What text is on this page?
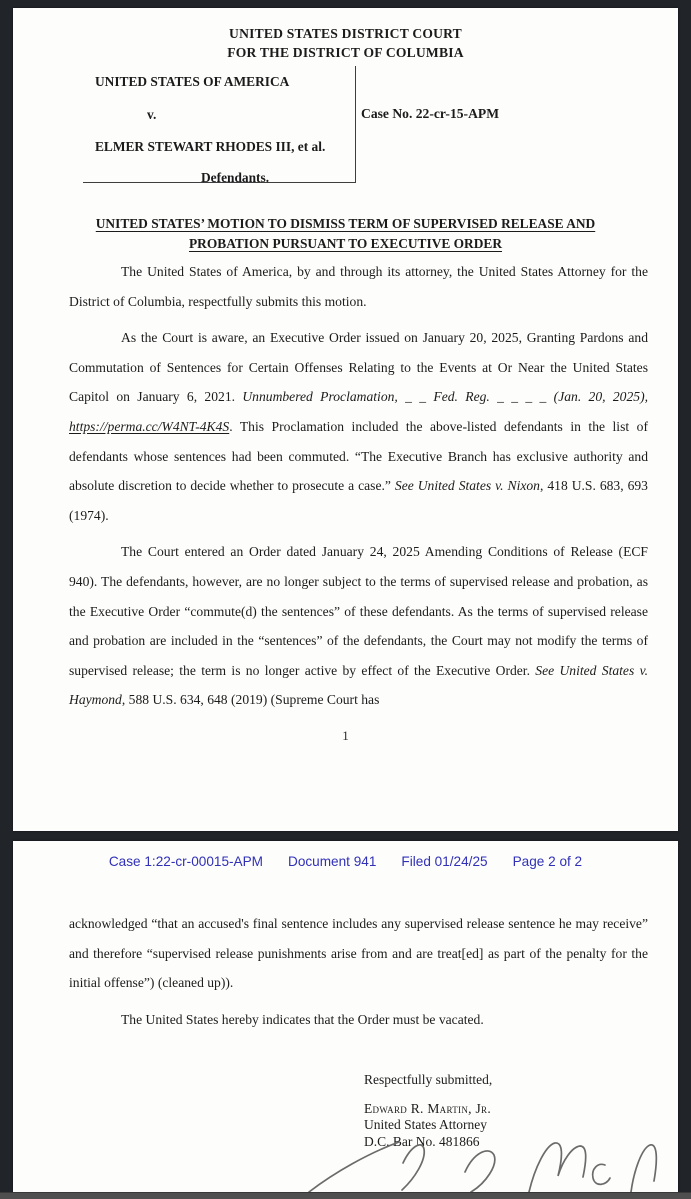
UNITED STATES DISTRICT COURT
FOR THE DISTRICT OF COLUMBIA
UNITED STATES OF AMERICA
v.
ELMER STEWART RHODES III, et al.
Defendants.
Case No. 22-cr-15-APM
UNITED STATES’ MOTION TO DISMISS TERM OF SUPERVISED RELEASE AND
PROBATION PURSUANT TO EXECUTIVE ORDER

The United States of America, by and through its attorney, the United States Attorney for the District of Columbia, respectfully submits this motion.

As the Court is aware, an Executive Order issued on January 20, 2025, Granting Pardons and Commutation of Sentences for Certain Offenses Relating to the Events at Or Near the United States Capitol on January 6, 2021. Unnumbered Proclamation, _ _ Fed. Reg. _ _ _ _ (Jan. 20, 2025), https://perma.cc/W4NT-4K4S. This Proclamation included the above-listed defendants in the list of defendants whose sentences had been commuted. “The Executive Branch has exclusive authority and absolute discretion to decide whether to prosecute a case.” See United States v. Nixon, 418 U.S. 683, 693 (1974).

The Court entered an Order dated January 24, 2025 Amending Conditions of Release (ECF 940). The defendants, however, are no longer subject to the terms of supervised release and probation, as the Executive Order “commute(d) the sentences” of these defendants. As the terms of supervised release and probation are included in the “sentences” of the defendants, the Court may not modify the terms of supervised release; the term is no longer active by effect of the Executive Order. See United States v. Haymond, 588 U.S. 634, 648 (2019) (Supreme Court has

1
Case 1:22-cr-00015-APM Document 941 Filed 01/24/25 Page 2 of 2

acknowledged “that an accused's final sentence includes any supervised release sentence he may receive” and therefore “supervised release punishments arise from and are treat[ed] as part of the penalty for the initial offense”) (cleaned up)).

The United States hereby indicates that the Order must be vacated.

Respectfully submitted,
Edward R. Martin, Jr.
United States Attorney
D.C. Bar No. 481866
